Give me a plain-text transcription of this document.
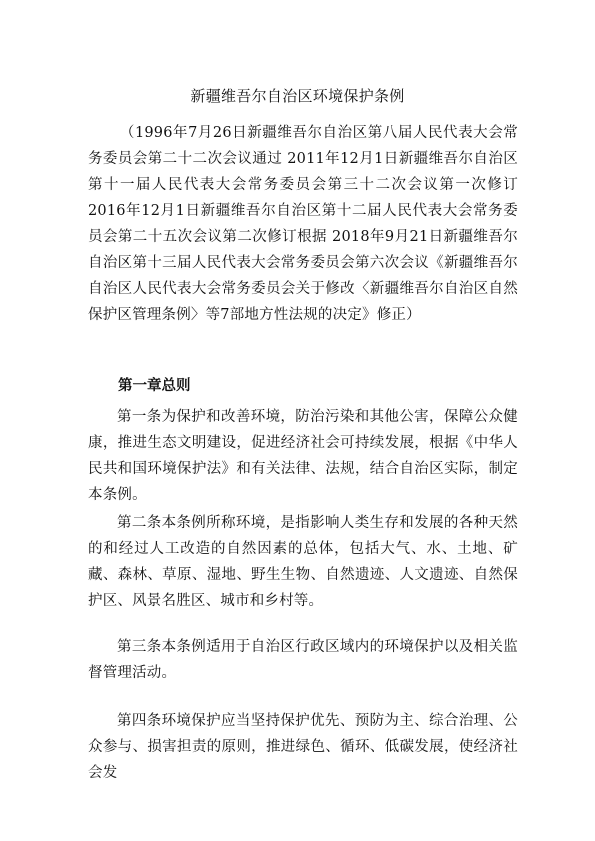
新疆维吾尔自治区环境保护条例
（1996年7月26日新疆维吾尔自治区第八届人民代表大会常务委员会第二十二次会议通过 2011年12月1日新疆维吾尔自治区第十一届人民代表大会常务委员会第三十二次会议第一次修订 2016年12月1日新疆维吾尔自治区第十二届人民代表大会常务委员会第二十五次会议第二次修订根据 2018年9月21日新疆维吾尔自治区第十三届人民代表大会常务委员会第六次会议《新疆维吾尔自治区人民代表大会常务委员会关于修改〈新疆维吾尔自治区自然保护区管理条例〉等7部地方性法规的决定》修正）
第一章总则
第一条为保护和改善环境，防治污染和其他公害，保障公众健康，推进生态文明建设，促进经济社会可持续发展，根据《中华人民共和国环境保护法》和有关法律、法规，结合自治区实际，制定本条例。
第二条本条例所称环境，是指影响人类生存和发展的各种天然的和经过人工改造的自然因素的总体，包括大气、水、土地、矿藏、森林、草原、湿地、野生生物、自然遗迹、人文遗迹、自然保护区、风景名胜区、城市和乡村等。
第三条本条例适用于自治区行政区域内的环境保护以及相关监督管理活动。
第四条环境保护应当坚持保护优先、预防为主、综合治理、公众参与、损害担责的原则，推进绿色、循环、低碳发展，使经济社会发
